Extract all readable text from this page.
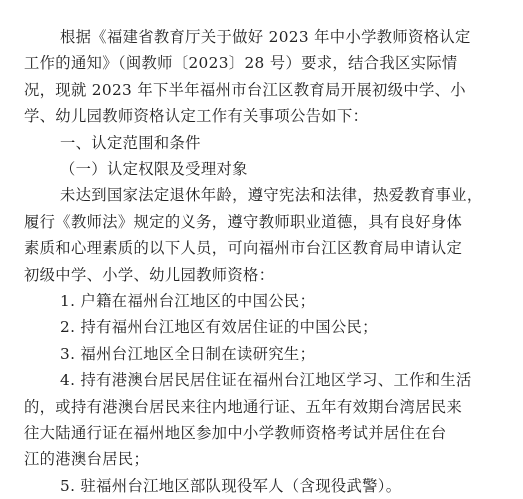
根据《福建省教育厅关于做好 2023 年中小学教师资格认定
工作的通知》（闽教师〔2023〕28 号）要求，结合我区实际情
况，现就 2023 年下半年福州市台江区教育局开展初级中学、小
学、幼儿园教师资格认定工作有关事项公告如下：
一、认定范围和条件
（一）认定权限及受理对象
未达到国家法定退休年龄，遵守宪法和法律，热爱教育事业，
履行《教师法》规定的义务，遵守教师职业道德，具有良好身体
素质和心理素质的以下人员，可向福州市台江区教育局申请认定
初级中学、小学、幼儿园教师资格：
1. 户籍在福州台江地区的中国公民；
2. 持有福州台江地区有效居住证的中国公民；
3. 福州台江地区全日制在读研究生；
4. 持有港澳台居民居住证在福州台江地区学习、工作和生活
的，或持有港澳台居民来往内地通行证、五年有效期台湾居民来
往大陆通行证在福州地区参加中小学教师资格考试并居住在台
江的港澳台居民；
5. 驻福州台江地区部队现役军人（含现役武警）。
